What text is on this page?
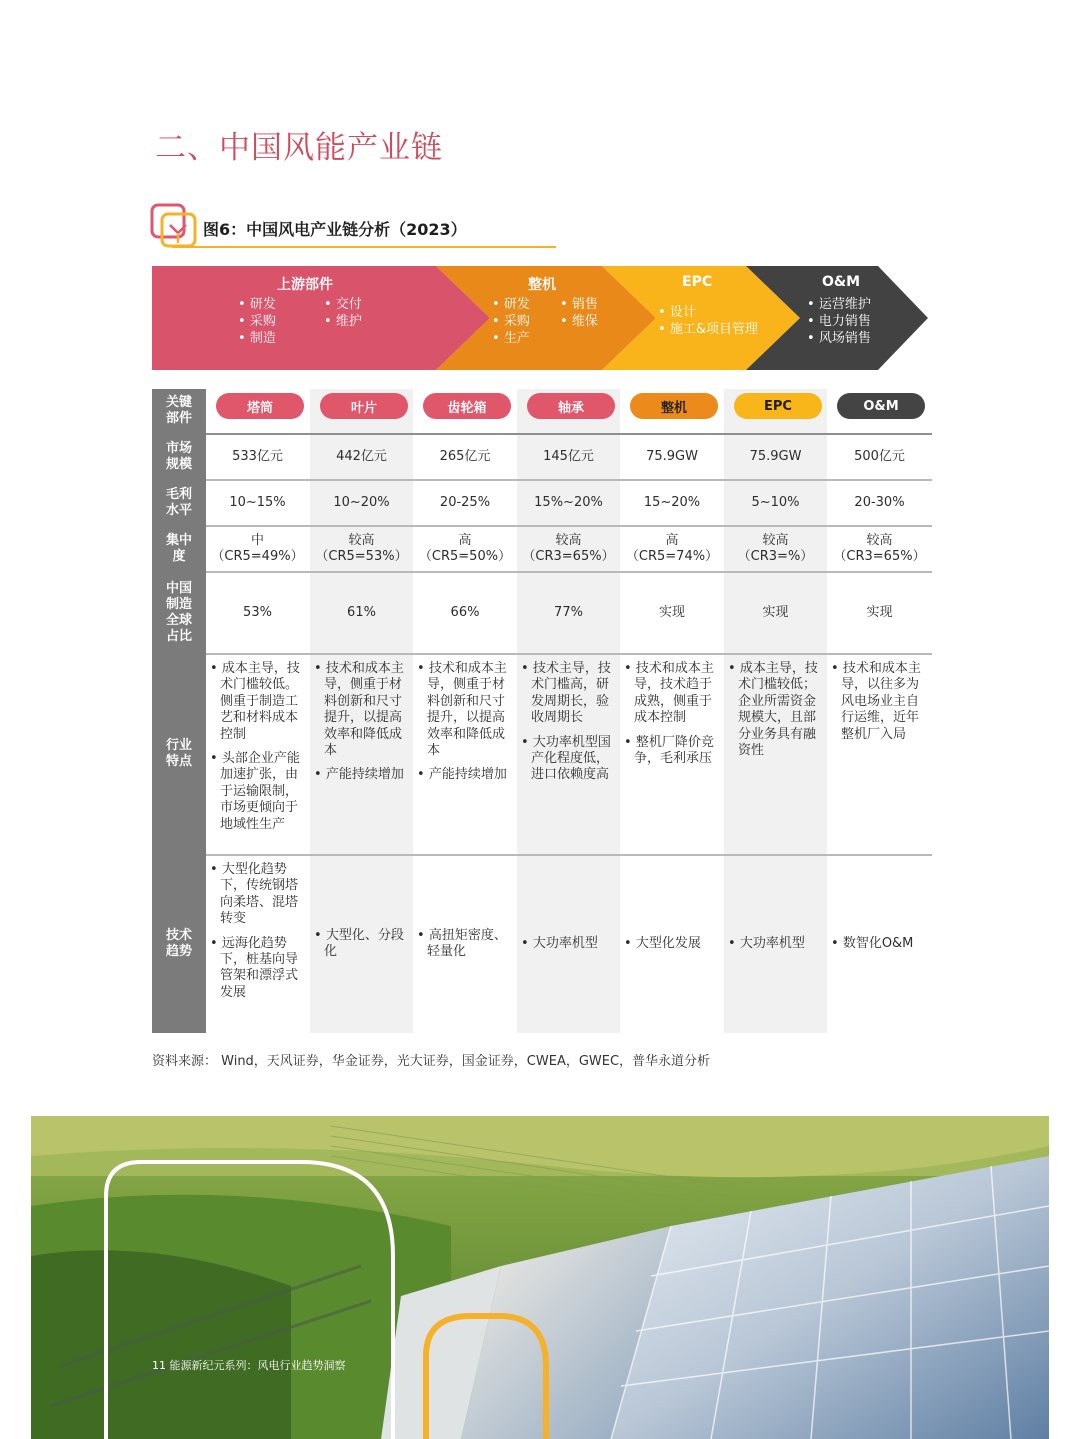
二、中国风能产业链
图6：中国风电产业链分析（2023）
上游部件
• 研发
• 采购
• 制造
• 交付
• 维护
整机
• 研发
• 采购
• 生产
• 销售
• 维保
EPC
• 设计
• 施工&项目管理
O&M
• 运营维护
• 电力销售
• 风场销售
关键部件
市场规模
毛利水平
集中度
中国制造全球占比
行业特点
技术趋势
塔筒
533亿元
10~15%
中
（CR5=49%）
53%

• 成本主导，技术门槛较低。侧重于制造工艺和材料成本控制

• 头部企业产能加速扩张，由于运输限制，市场更倾向于地域性生产

• 大型化趋势下，传统钢塔向柔塔、混塔转变

• 远海化趋势下，桩基向导管架和漂浮式发展

叶片
442亿元
10~20%
较高
（CR5=53%）
61%

• 技术和成本主导，侧重于材料创新和尺寸提升，以提高效率和降低成本

• 产能持续增加

• 大型化、分段化

齿轮箱
265亿元
20-25%
高
（CR5=50%）
66%

• 技术和成本主导，侧重于材料创新和尺寸提升，以提高效率和降低成本

• 产能持续增加

• 高扭矩密度、轻量化

轴承
145亿元
15%~20%
较高
（CR3=65%）
77%

• 技术主导，技术门槛高，研发周期长，验收周期长

• 大功率机型国产化程度低，进口依赖度高

• 大功率机型

整机
75.9GW
15~20%
高
（CR5=74%）
实现

• 技术和成本主导，技术趋于成熟，侧重于成本控制

• 整机厂降价竞争，毛利承压

• 大型化发展

EPC
75.9GW
5~10%
较高
（CR3=%）
实现

• 成本主导，技术门槛较低；企业所需资金规模大，且部分业务具有融资性

• 大功率机型

O&M
500亿元
20-30%
较高
（CR3=65%）
实现

• 技术和成本主导，以往多为风电场业主自行运维，近年整机厂入局

• 数智化O&M

资料来源： Wind，天风证券，华金证券，光大证券，国金证券，CWEA，GWEC，普华永道分析
11 能源新纪元系列：风电行业趋势洞察
